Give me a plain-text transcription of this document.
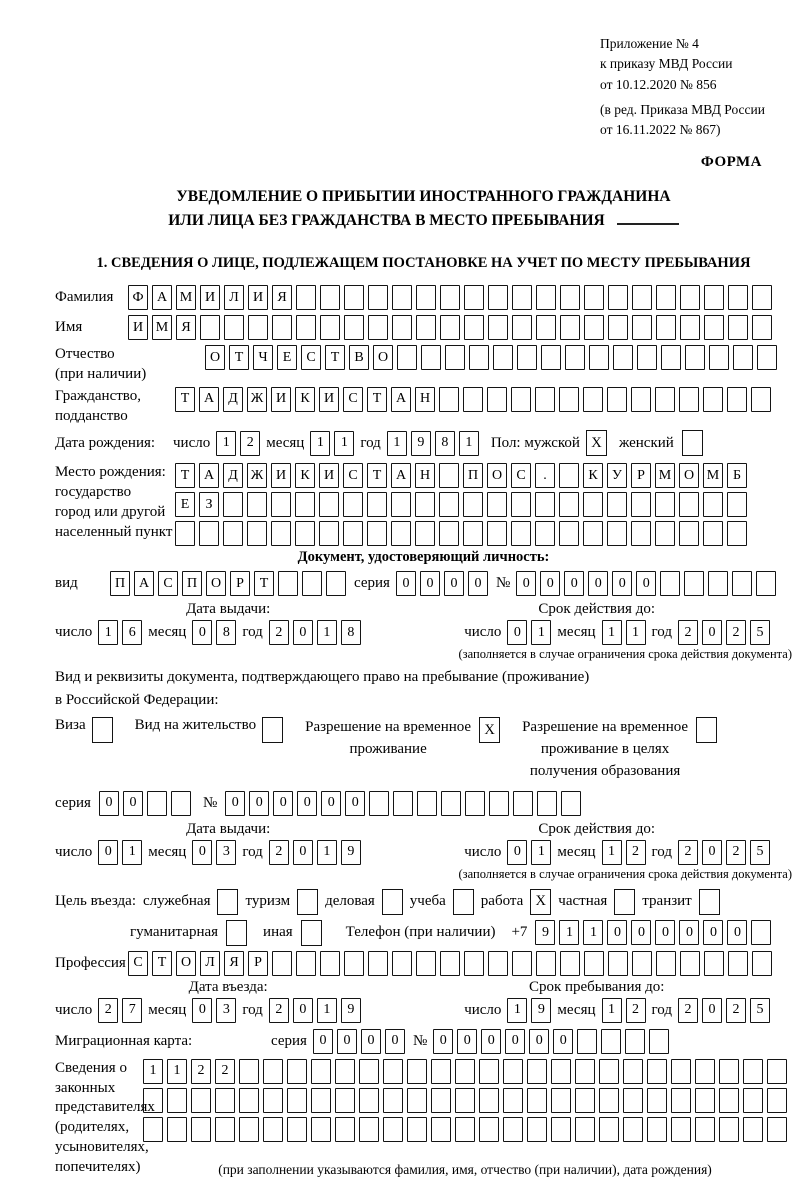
Приложение № 4
к приказу МВД России
от 10.12.2020 № 856
(в ред. Приказа МВД России
от 16.11.2022 № 867)
ФОРМА
УВЕДОМЛЕНИЕ О ПРИБЫТИИ ИНОСТРАННОГО ГРАЖДАНИНА
ИЛИ ЛИЦА БЕЗ ГРАЖДАНСТВА В МЕСТО ПРЕБЫВАНИЯ
1. СВЕДЕНИЯ О ЛИЦЕ, ПОДЛЕЖАЩЕМ ПОСТАНОВКЕ НА УЧЕТ ПО МЕСТУ ПРЕБЫВАНИЯ
Фамилия	Ф А М И	Л	И	Я
Имя	И М Я
Отчество
(при наличии)
О	Т	Ч	Е	С	Т	В	О
Гражданство,
подданство
Т	А	Д Ж И	К	И	С	Т	А Н
Дата рождения:	число 1	2 месяц 1	1 год 1	9	8	1	Пол: мужской X	женский
Место рождения:
государство
город или другой
населенный пункт
Т	А	Д Ж И	К	И	С	Т	А Н	П О	С	.	К	У	Р М О М Б
Е	З
Документ, удостоверяющий личность:
вид	П А	С	П О	Р	Т	серия 0	0	0	0 № 0	0	0	0	0	0
Дата выдачи:	Срок действия до:
число 1	6 месяц 0	8 год 2	0	1	8	число 0	1 месяц 1	1 год 2	0	2	5
(заполняется в случае ограничения срока действия документа)
Вид и реквизиты документа, подтверждающего право на пребывание (проживание)
в Российской Федерации:
Виза	Вид на жительство	Разрешение на временное
проживание
X	Разрешение на временное
проживание в целях
получения образования
серия	0	0	№	0	0	0	0	0	0
Дата выдачи:	Срок действия до:
число 0	1 месяц 0	3 год 2	0	1	9	число 0	1 месяц 1	2 год 2	0	2	5
(заполняется в случае ограничения срока действия документа)
Цель въезда: служебная туризм деловая учеба работа X частная транзит
гуманитарная	иная	Телефон (при наличии) +7	9	1	1	0	0	0	0	0	0
Профессия С	Т	О	Л	Я	Р
Дата въезда:	Срок пребывания до:
число 2	7 месяц 0	3 год 2	0	1	9	число 1	9 месяц 1	2 год 2	0	2	5
Миграционная карта:	серия 0	0	0	0 № 0	0	0	0	0	0
Сведения о
законных
представителях
(родителях,
усыновителях,
попечителях)
1	1	2	2
(при заполнении указываются фамилия, имя, отчество (при наличии), дата рождения)
